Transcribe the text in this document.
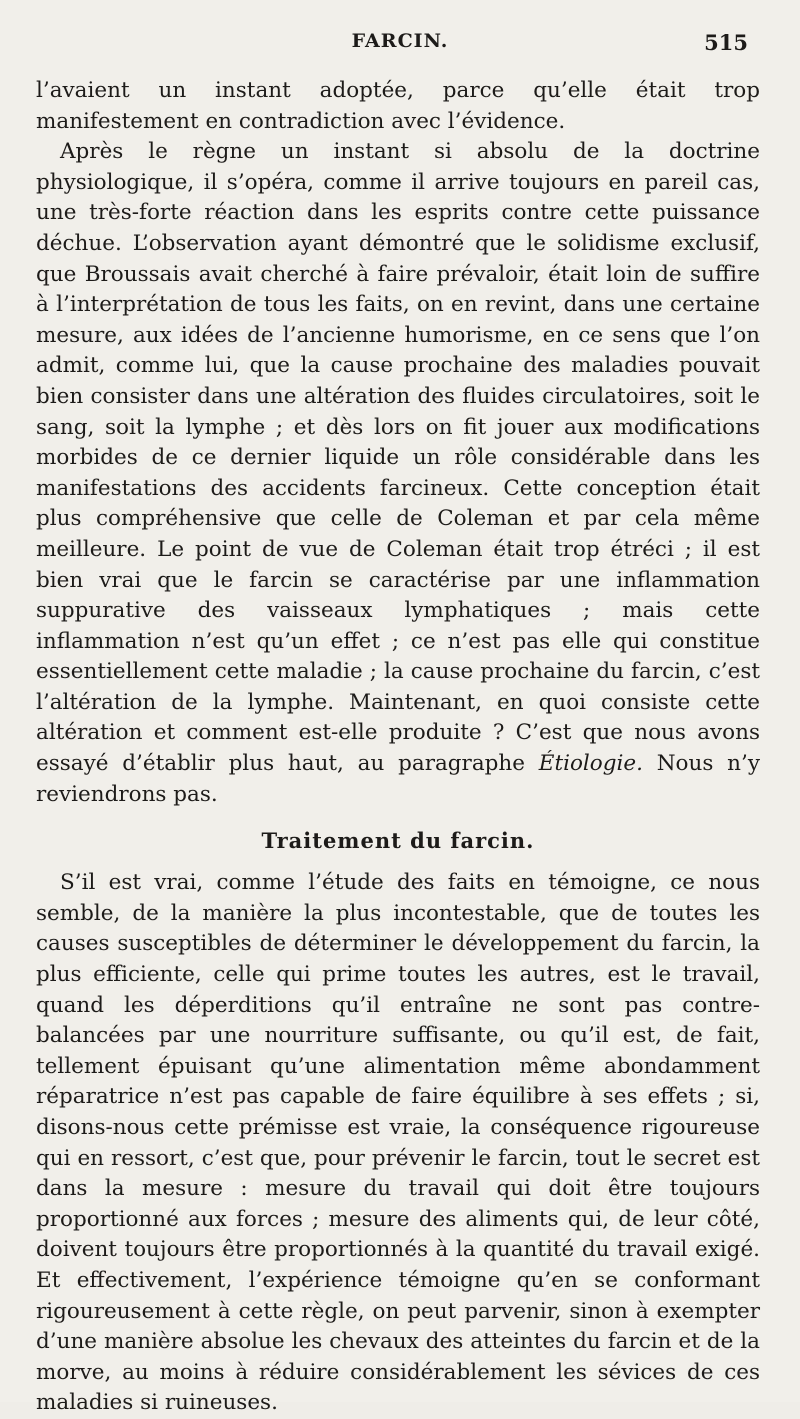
FARCIN.	515

l’avaient un instant adoptée, parce qu’elle était trop manifestement en contradiction avec l’évidence.

Après le règne un instant si absolu de la doctrine physiologique, il s’opéra, comme il arrive toujours en pareil cas, une très-forte réaction dans les esprits contre cette puissance déchue. L’observation ayant démontré que le solidisme exclusif, que Broussais avait cherché à faire prévaloir, était loin de suffire à l’interprétation de tous les faits, on en revint, dans une certaine mesure, aux idées de l’ancienne humorisme, en ce sens que l’on admit, comme lui, que la cause prochaine des maladies pouvait bien consister dans une altération des fluides circulatoires, soit le sang, soit la lymphe ; et dès lors on fit jouer aux modifications morbides de ce dernier liquide un rôle considérable dans les manifestations des accidents farcineux. Cette conception était plus compréhensive que celle de Coleman et par cela même meilleure. Le point de vue de Coleman était trop étréci ; il est bien vrai que le farcin se caractérise par une inflammation suppurative des vaisseaux lymphatiques ; mais cette inflammation n’est qu’un effet ; ce n’est pas elle qui constitue essentiellement cette maladie ; la cause prochaine du farcin, c’est l’altération de la lymphe. Maintenant, en quoi consiste cette altération et comment est-elle produite ? C’est que nous avons essayé d’établir plus haut, au paragraphe Étiologie. Nous n’y reviendrons pas.

Traitement du farcin.

S’il est vrai, comme l’étude des faits en témoigne, ce nous semble, de la manière la plus incontestable, que de toutes les causes susceptibles de déterminer le développement du farcin, la plus efficiente, celle qui prime toutes les autres, est le travail, quand les déperditions qu’il entraîne ne sont pas contre-balancées par une nourriture suffisante, ou qu’il est, de fait, tellement épuisant qu’une alimentation même abondamment réparatrice n’est pas capable de faire équilibre à ses effets ; si, disons-nous cette prémisse est vraie, la conséquence rigoureuse qui en ressort, c’est que, pour prévenir le farcin, tout le secret est dans la mesure : mesure du travail qui doit être toujours proportionné aux forces ; mesure des aliments qui, de leur côté, doivent toujours être proportionnés à la quantité du travail exigé. Et effectivement, l’expérience témoigne qu’en se conformant rigoureusement à cette règle, on peut parvenir, sinon à exempter d’une manière absolue les chevaux des atteintes du farcin et de la morve, au moins à réduire considérablement les sévices de ces maladies si ruineuses.
